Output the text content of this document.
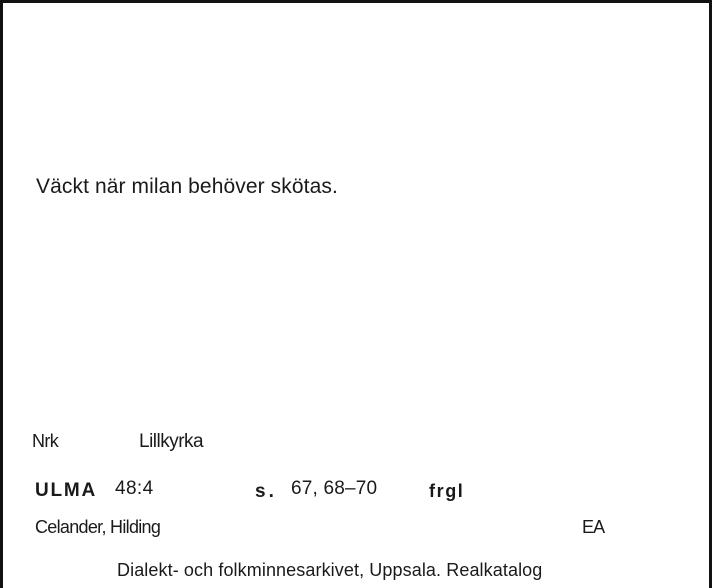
Väckt när milan behöver skötas.
Nrk	Lillkyrka
ULMA 48:4	s. 67, 68–70	frgl
Celander, Hilding	EA
Dialekt- och folkminnesarkivet, Uppsala. Realkatalog
